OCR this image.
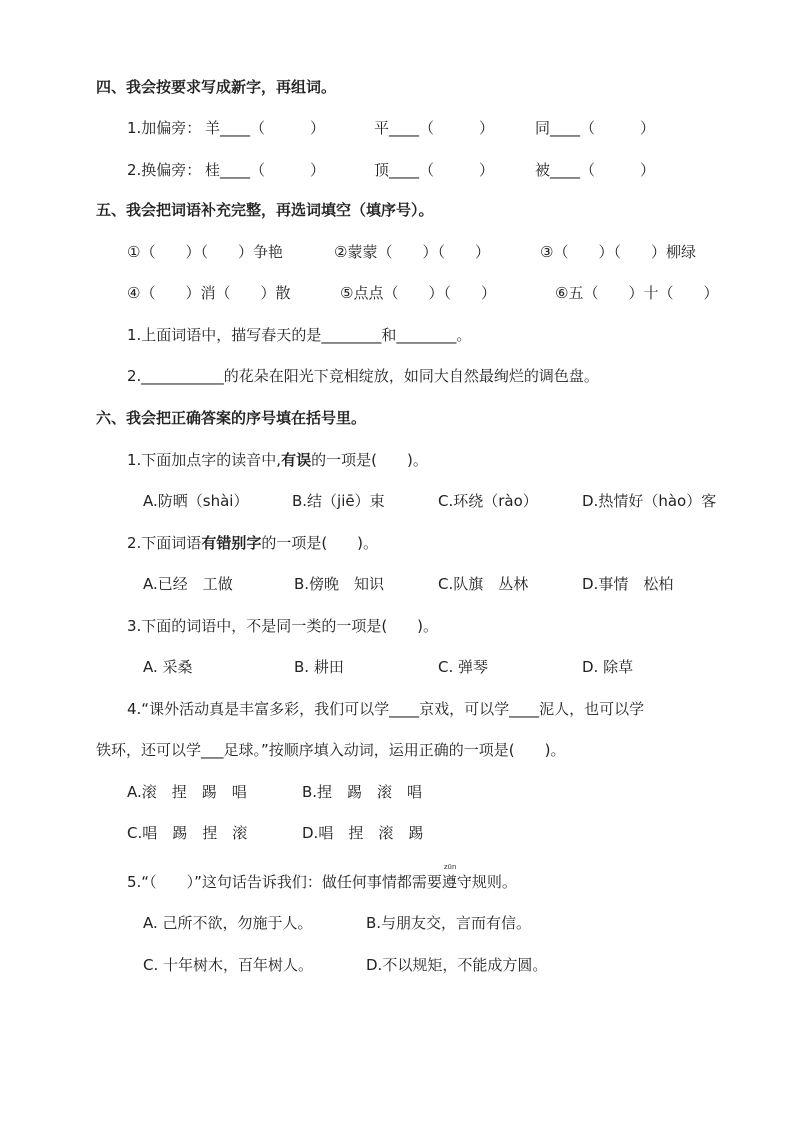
四、我会按要求写成新字，再组词。
1.加偏旁： 羊____（　　　）	平____（　　　）	同____（　　　）
2.换偏旁： 桂____（　　　）	顶____（　　　）	被____（　　　）
五、我会把词语补充完整，再选词填空（填序号）。
①（　　）（　　）争艳	②蒙蒙（　　）（　　）	③（　　）（　　）柳绿
④（　　）消（　　）散	⑤点点（　　）（　　）	⑥五（　　）十（　　）
1.上面词语中，描写春天的是________和________。
2.___________的花朵在阳光下竞相绽放，如同大自然最绚烂的调色盘。
六、我会把正确答案的序号填在括号里。
1.下面加点字的读音中,有误的一项是(　　)。
A.防晒（shài）	B.结（jiē）束	C.环绕（rào）	D.热情好（hào）客
2.下面词语有错别字的一项是(　　)。
A.已经　工做	B.傍晚　知识	C.队旗　丛林	D.事情　松柏
3.下面的词语中，不是同一类的一项是(　　)。
A. 采桑	B. 耕田	C. 弹琴	D. 除草
4.“课外活动真是丰富多彩，我们可以学____京戏，可以学____泥人，也可以学
铁环，还可以学___足球。”按顺序填入动词，运用正确的一项是(　　)。
A.滚　捏　踢　唱	B.捏　踢　滚　唱
C.唱　踢　捏　滚	D.唱　捏　滚　踢
5.“（　　）”这句话告诉我们：做任何事情都需要
zūn
遵守规则。
A. 己所不欲，勿施于人。	B.与朋友交，言而有信。
C. 十年树木，百年树人。	D.不以规矩，不能成方圆。
